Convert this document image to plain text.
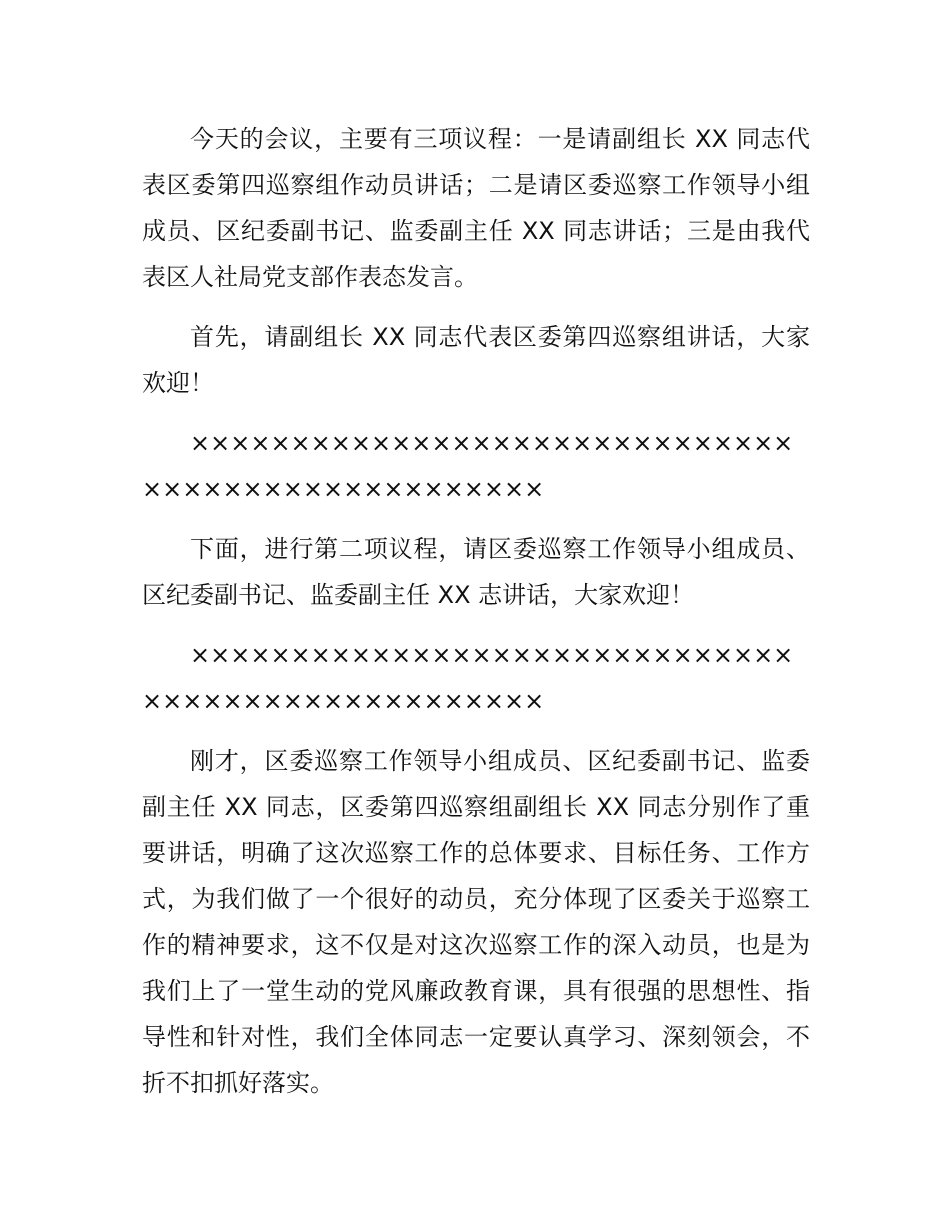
今天的会议，主要有三项议程：一是请副组长 XX 同志代表区委第四巡察组作动员讲话；二是请区委巡察工作领导小组成员、区纪委副书记、监委副主任 XX 同志讲话；三是由我代表区人社局党支部作表态发言。

首先，请副组长 XX 同志代表区委第四巡察组讲话，大家欢迎！

××××××××××××××××××××××××××××××××××××××××××××××××××

下面，进行第二项议程，请区委巡察工作领导小组成员、区纪委副书记、监委副主任 XX 志讲话，大家欢迎！

××××××××××××××××××××××××××××××××××××××××××××××××××

刚才，区委巡察工作领导小组成员、区纪委副书记、监委副主任 XX 同志，区委第四巡察组副组长 XX 同志分别作了重要讲话，明确了这次巡察工作的总体要求、目标任务、工作方式，为我们做了一个很好的动员，充分体现了区委关于巡察工作的精神要求，这不仅是对这次巡察工作的深入动员，也是为我们上了一堂生动的党风廉政教育课，具有很强的思想性、指导性和针对性，我们全体同志一定要认真学习、深刻领会，不折不扣抓好落实。
